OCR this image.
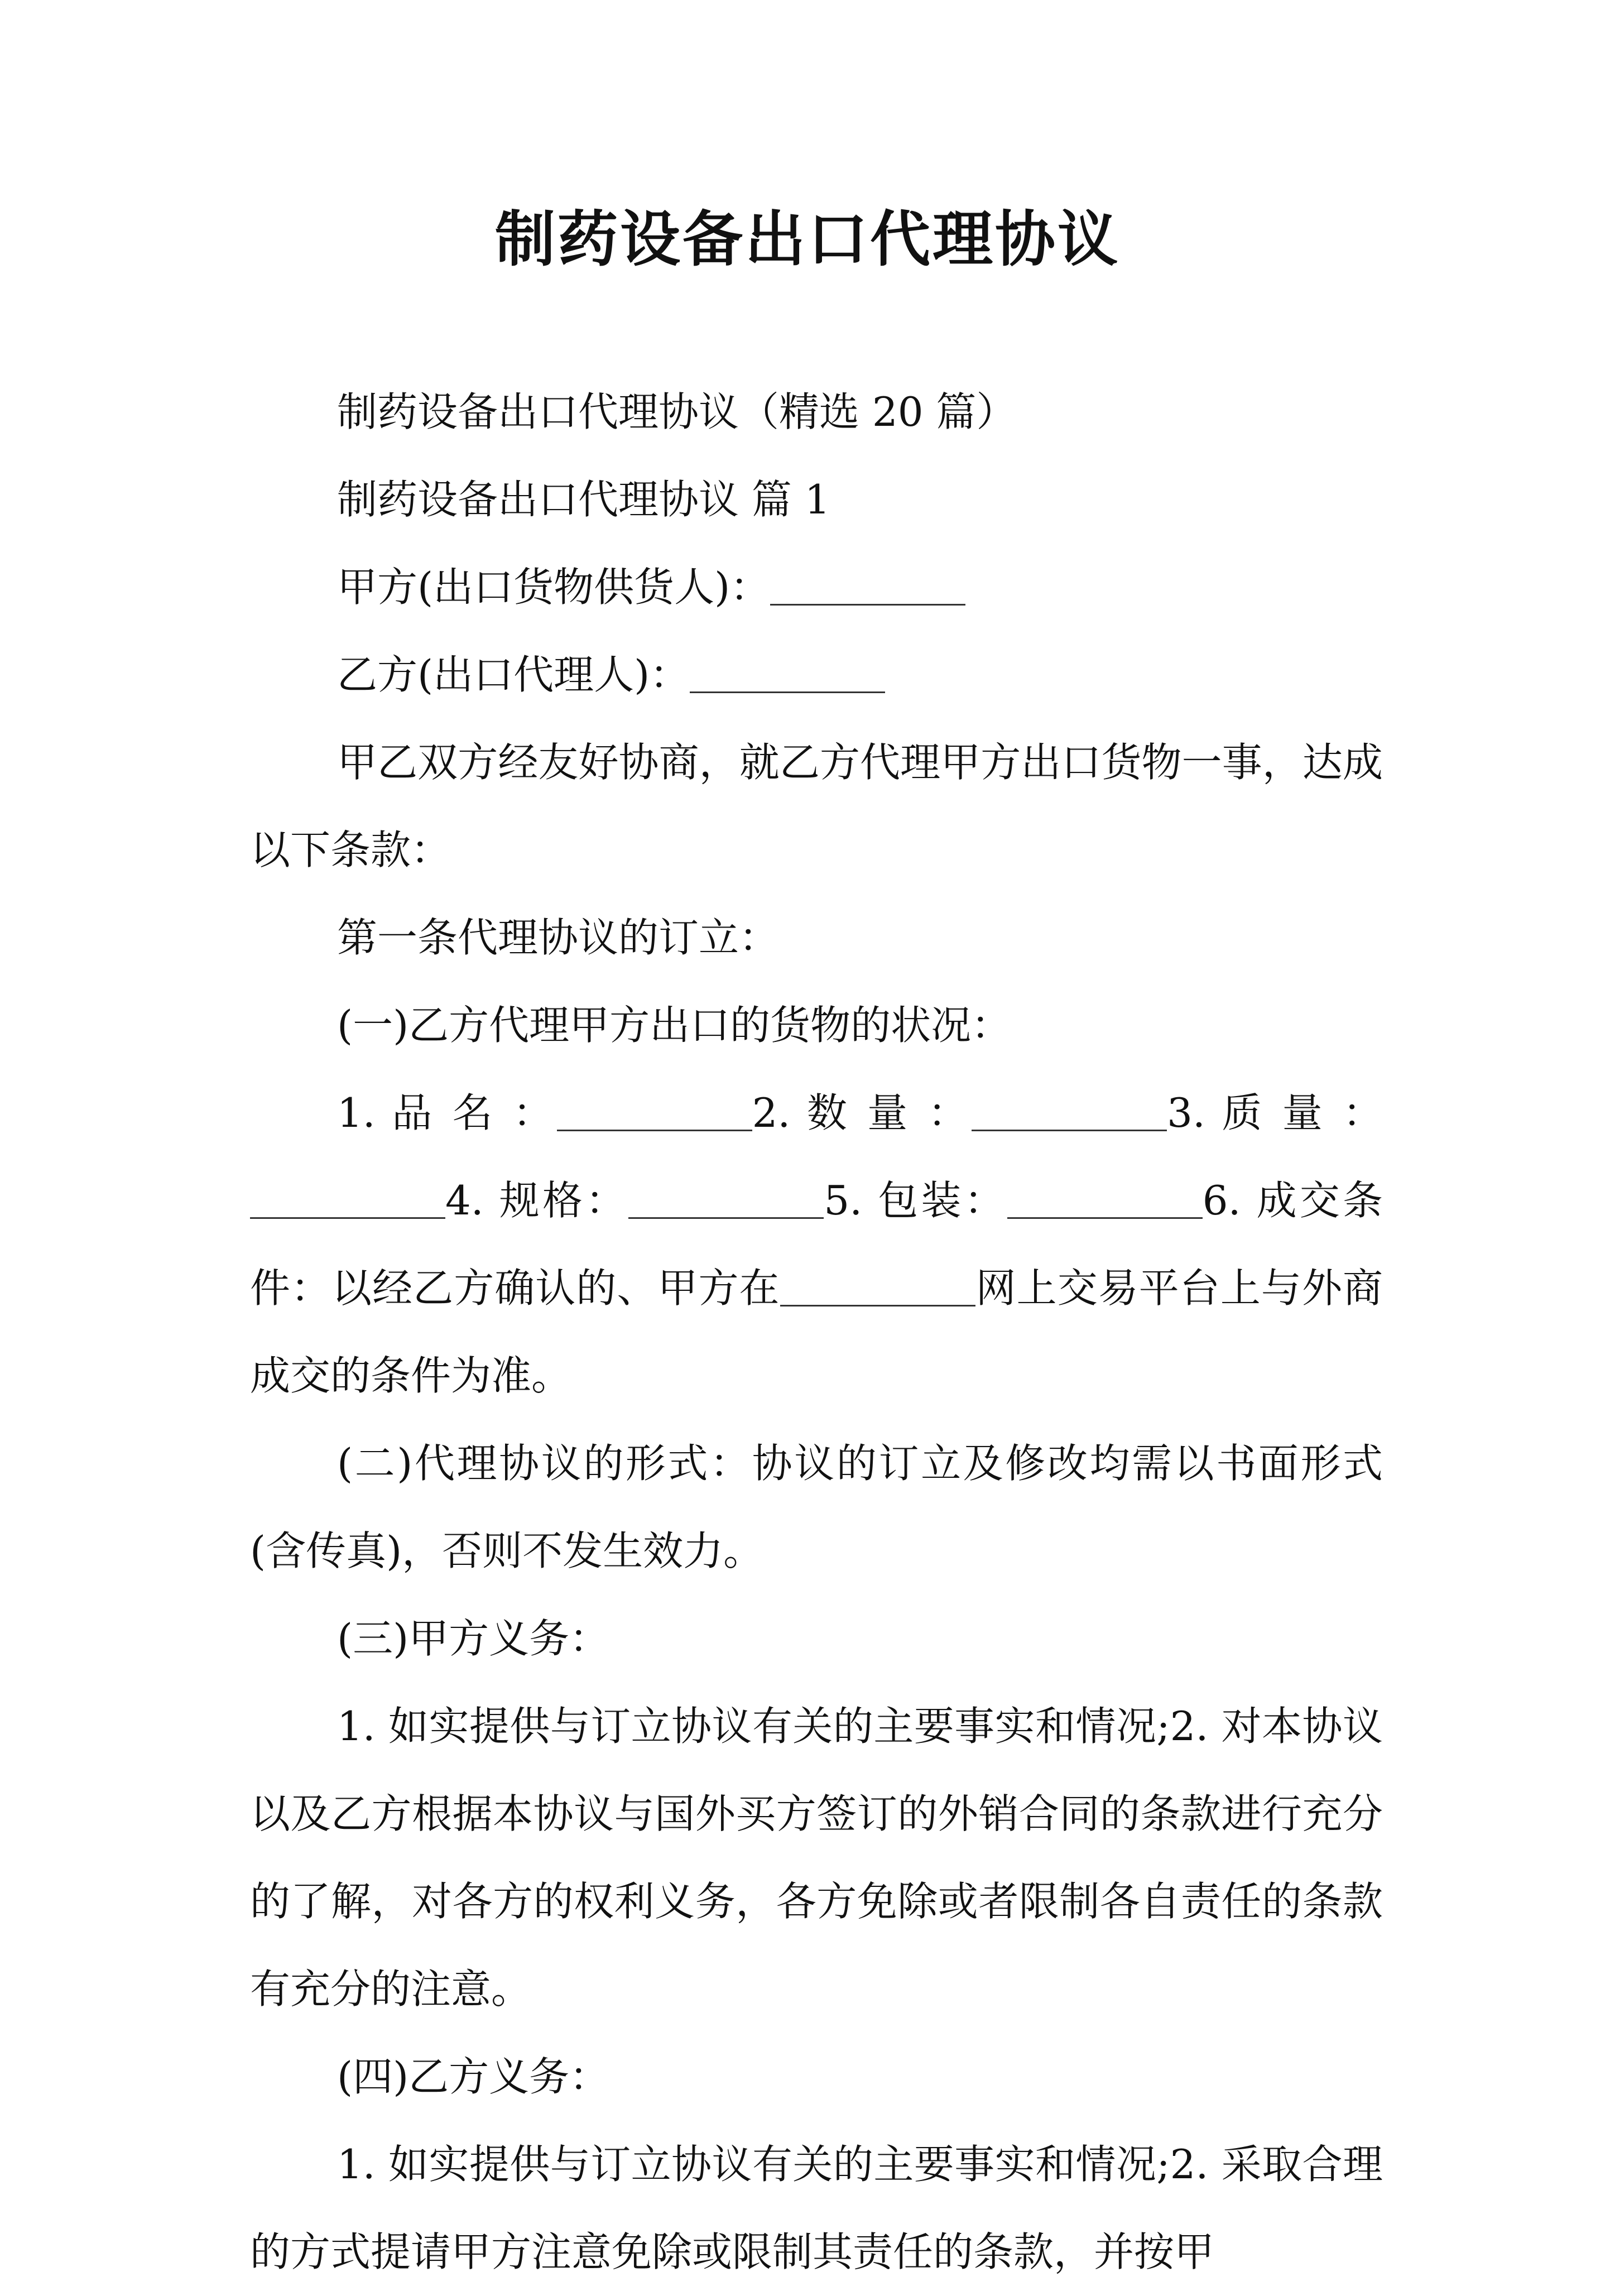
制药设备出口代理协议

制药设备出口代理协议（精选 20 篇）

制药设备出口代理协议 篇 1

甲方(出口货物供货人)：

乙方(出口代理人)：

甲乙双方经友好协商，就乙方代理甲方出口货物一事，达成以下条款：

第一条代理协议的订立：

(一)乙方代理甲方出口的货物的状况：

1. 品 名 ：	2. 数 量 ：	3. 质 量 ：4. 规格：	5. 包装：	6. 成交条件：以经乙方确认的、甲方在	网上交易平台上与外商成交的条件为准。

(二)代理协议的形式：协议的订立及修改均需以书面形式(含传真)，否则不发生效力。

(三)甲方义务：

1. 如实提供与订立协议有关的主要事实和情况;2. 对本协议以及乙方根据本协议与国外买方签订的外销合同的条款进行充分的了解，对各方的权利义务，各方免除或者限制各自责任的条款有充分的注意。

(四)乙方义务：

1. 如实提供与订立协议有关的主要事实和情况;2. 采取合理的方式提请甲方注意免除或限制其责任的条款，并按甲
